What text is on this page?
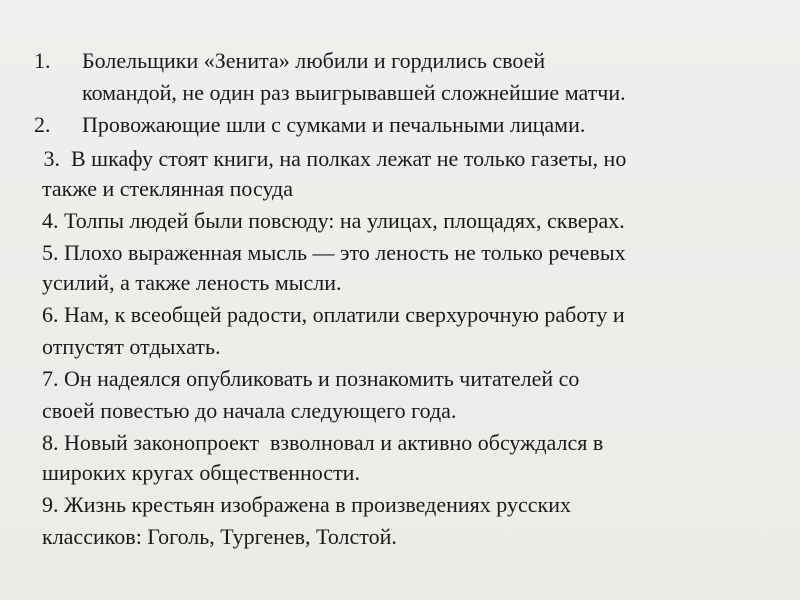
1. Болельщики «Зенита» любили и гордились своей
командой, не один раз выигрывавшей сложнейшие матчи.
2. Провожающие шли с сумками и печальными лицами.
3.  В шкафу стоят книги, на полках лежат не только газеты, но
также и стеклянная посуда
4. Толпы людей были повсюду: на улицах, площадях, скверах.
5. Плохо выраженная мысль — это леность не только речевых
усилий, а также леность мысли.
6. Нам, к всеобщей радости, оплатили сверхурочную работу и
отпустят отдыхать.
7. Он надеялся опубликовать и познакомить читателей со
своей повестью до начала следующего года.
8. Новый законопроект  взволновал и активно обсуждался в
широких кругах общественности.
9. Жизнь крестьян изображена в произведениях русских
классиков: Гоголь, Тургенев, Толстой.
